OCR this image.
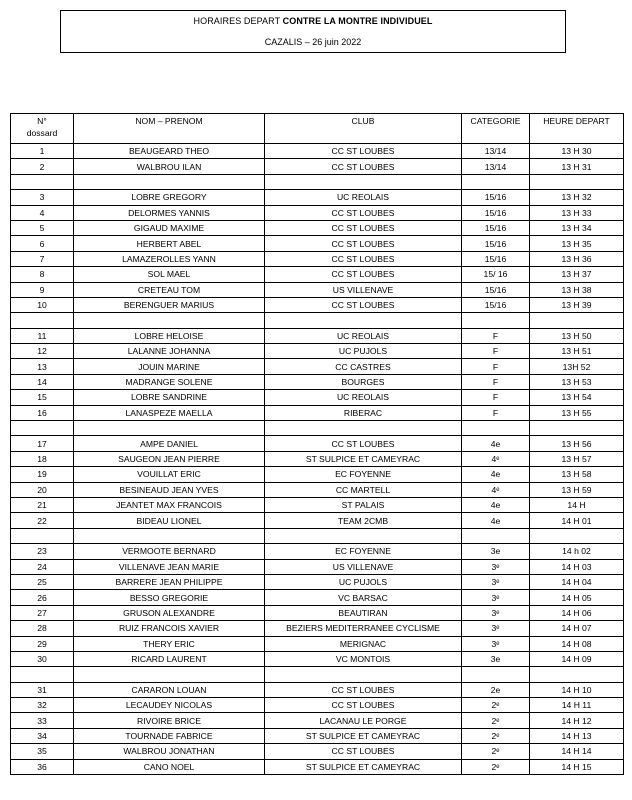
HORAIRES DEPART CONTRE LA MONTRE INDIVIDUEL
CAZALIS – 26 juin 2022
N°
dossard	NOM – PRENOM	CLUB	CATEGORIE	HEURE DEPART
1	BEAUGEARD THEO	CC ST LOUBES	13/14	13 H 30
2	WALBROU ILAN	CC ST LOUBES	13/14	13 H 31

3	LOBRE GREGORY	UC REOLAIS	15/16	13 H 32
4	DELORMES YANNIS	CC ST LOUBES	15/16	13 H 33
5	GIGAUD MAXIME	CC ST LOUBES	15/16	13 H 34
6	HERBERT ABEL	CC ST LOUBES	15/16	13 H 35
7	LAMAZEROLLES YANN	CC ST LOUBES	15/16	13 H 36
8	SOL MAEL	CC ST LOUBES	15/ 16	13 H 37
9	CRETEAU TOM	US VILLENAVE	15/16	13 H 38
10	BERENGUER MARIUS	CC ST LOUBES	15/16	13 H 39

11	LOBRE HELOISE	UC REOLAIS	F	13 H 50
12	LALANNE JOHANNA	UC PUJOLS	F	13 H 51
13	JOUIN MARINE	CC CASTRES	F	13H 52
14	MADRANGE SOLENE	BOURGES	F	13 H 53
15	LOBRE SANDRINE	UC REOLAIS	F	13 H 54
16	LANASPEZE MAELLA	RIBERAC	F	13 H 55

17	AMPE DANIEL	CC ST LOUBES	4e	13 H 56
18	SAUGEON JEAN PIERRE	ST SULPICE ET CAMEYRAC	4ᵉ	13 H 57
19	VOUILLAT ERIC	EC FOYENNE	4e	13 H 58
20	BESINEAUD JEAN YVES	CC MARTELL	4ᵉ	13 H 59
21	JEANTET MAX FRANCOIS	ST PALAIS	4e	14 H
22	BIDEAU LIONEL	TEAM 2CMB	4e	14 H 01

23	VERMOOTE BERNARD	EC FOYENNE	3e	14 h 02
24	VILLENAVE JEAN MARIE	US VILLENAVE	3ᵉ	14 H 03
25	BARRERE JEAN PHILIPPE	UC PUJOLS	3ᵉ	14 H 04
26	BESSO GREGORIE	VC BARSAC	3ᵉ	14 H 05
27	GRUSON ALEXANDRE	BEAUTIRAN	3ᵉ	14 H 06
28	RUIZ FRANCOIS XAVIER	BEZIERS MEDITERRANEE CYCLISME	3ᵉ	14 H 07
29	THERY ERIC	MERIGNAC	3ᵉ	14 H 08
30	RICARD LAURENT	VC MONTOIS	3e	14 H 09

31	CARARON LOUAN	CC ST LOUBES	2e	14 H 10
32	LECAUDEY NICOLAS	CC ST LOUBES	2ᵉ	14 H 11
33	RIVOIRE BRICE	LACANAU LE PORGE	2ᵉ	14 H 12
34	TOURNADE FABRICE	ST SULPICE ET CAMEYRAC	2ᵉ	14 H 13
35	WALBROU JONATHAN	CC ST LOUBES	2ᵉ	14 H 14
36	CANO NOEL	ST SULPICE ET CAMEYRAC	2ᵉ	14 H 15
